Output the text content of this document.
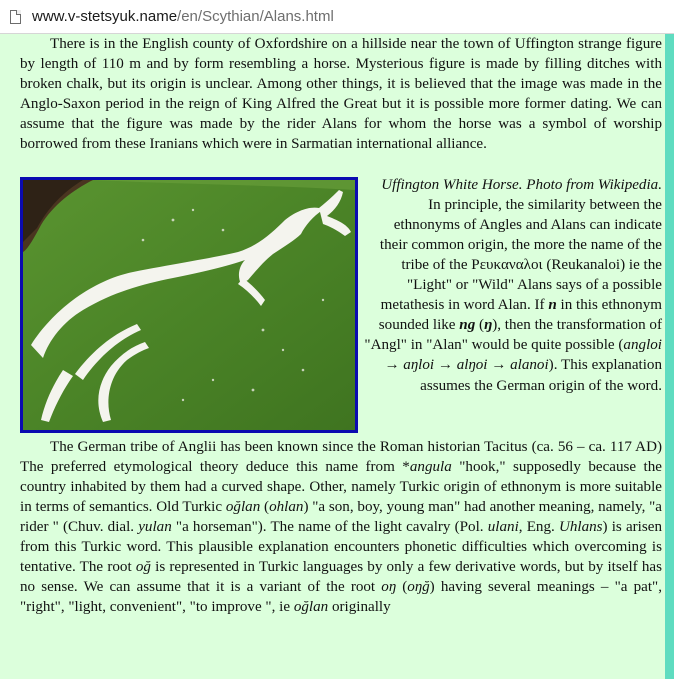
www.v-stetsyuk.name/en/Scythian/Alans.html

There is in the English county of Oxfordshire on a hillside near the town of Uffington strange figure by length of 110 m and by form resembling a horse. Mysterious figure is made by filling ditches with broken chalk, but its origin is unclear. Among other things, it is believed that the image was made in the Anglo-Saxon period in the reign of King Alfred the Great but it is possible more former dating. We can assume that the figure was made by the rider Alans for whom the horse was a symbol of worship borrowed from these Iranians which were in Sarmatian international alliance.

Uffington White Horse. Photo from Wikipedia.

In principle, the similarity between the ethnonyms of Angles and Alans can indicate their common origin, the more the name of the tribe of the Ρευκαναλοι (Reukanaloi) ie the "Light" or "Wild" Alans says of a possible metathesis in word Alan. If n in this ethnonym sounded like ng (ŋ), then the transformation of "Angl" in "Alan" would be quite possible (angloi → aŋloi → alŋoi → alanoi). This explanation assumes the German origin of the word.

The German tribe of Anglii has been known since the Roman historian Tacitus (ca. 56 – ca. 117 AD) The preferred etymological theory deduce this name from *angula "hook," supposedly because the country inhabited by them had a curved shape. Other, namely Turkic origin of ethnonym is more suitable in terms of semantics. Old Turkic oğlan (ohlan) "a son, boy, young man" had another meaning, namely, "a rider " (Chuv. dial. yulan "a horseman"). The name of the light cavalry (Pol. ulani, Eng. Uhlans) is arisen from this Turkic word. This plausible explanation encounters phonetic difficulties which overcoming is tentative. The root oğ is represented in Turkic languages by only a few derivative words, but by itself has no sense. We can assume that it is a variant of the root oŋ (oŋğ) having several meanings – "a pat", "right", "light, convenient", "to improve ", ie oğlan originally
